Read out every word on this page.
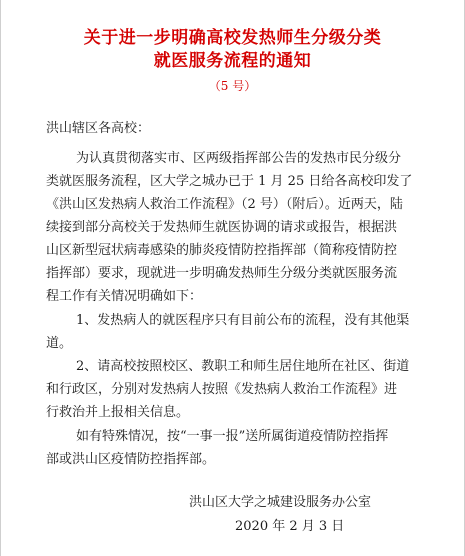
关于进一步明确高校发热师生分级分类
就医服务流程的通知
（5 号）
洪山辖区各高校：
为认真贯彻落实市、区两级指挥部公告的发热市民分级分
类就医服务流程，区大学之城办已于 1 月 25 日给各高校印发了
《洪山区发热病人救治工作流程》（2 号）（附后）。近两天，陆
续接到部分高校关于发热师生就医协调的请求或报告，根据洪
山区新型冠状病毒感染的肺炎疫情防控指挥部（简称疫情防控
指挥部）要求，现就进一步明确发热师生分级分类就医服务流
程工作有关情况明确如下：
1、发热病人的就医程序只有目前公布的流程，没有其他渠
道。
2、请高校按照校区、教职工和师生居住地所在社区、街道
和行政区，分别对发热病人按照《发热病人救治工作流程》进
行救治并上报相关信息。
如有特殊情况，按“一事一报”送所属街道疫情防控指挥
部或洪山区疫情防控指挥部。
洪山区大学之城建设服务办公室
2020 年 2 月 3 日
